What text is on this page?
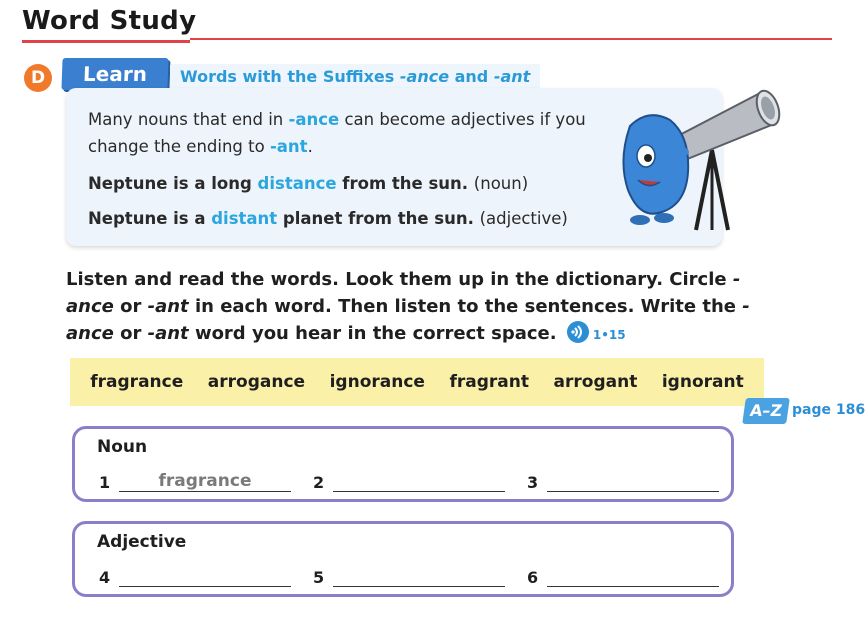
Word Study
D	Learn	Words with the Suffixes -ance and -ant
Many nouns that end in -ance can become adjectives if you
change the ending to -ant.
Neptune is a long distance from the sun. (noun)
Neptune is a distant planet from the sun. (adjective)
Listen and read the words. Look them up in the dictionary. Circle -ance or -ant in each word. Then listen to the sentences. Write the -ance or -ant word you hear in the correct space.	1•15
fragrance arrogance ignorance fragrant arrogant ignorant
A–Z page 186
Noun
1	fragrance	2	3
Adjective
4	5	6
